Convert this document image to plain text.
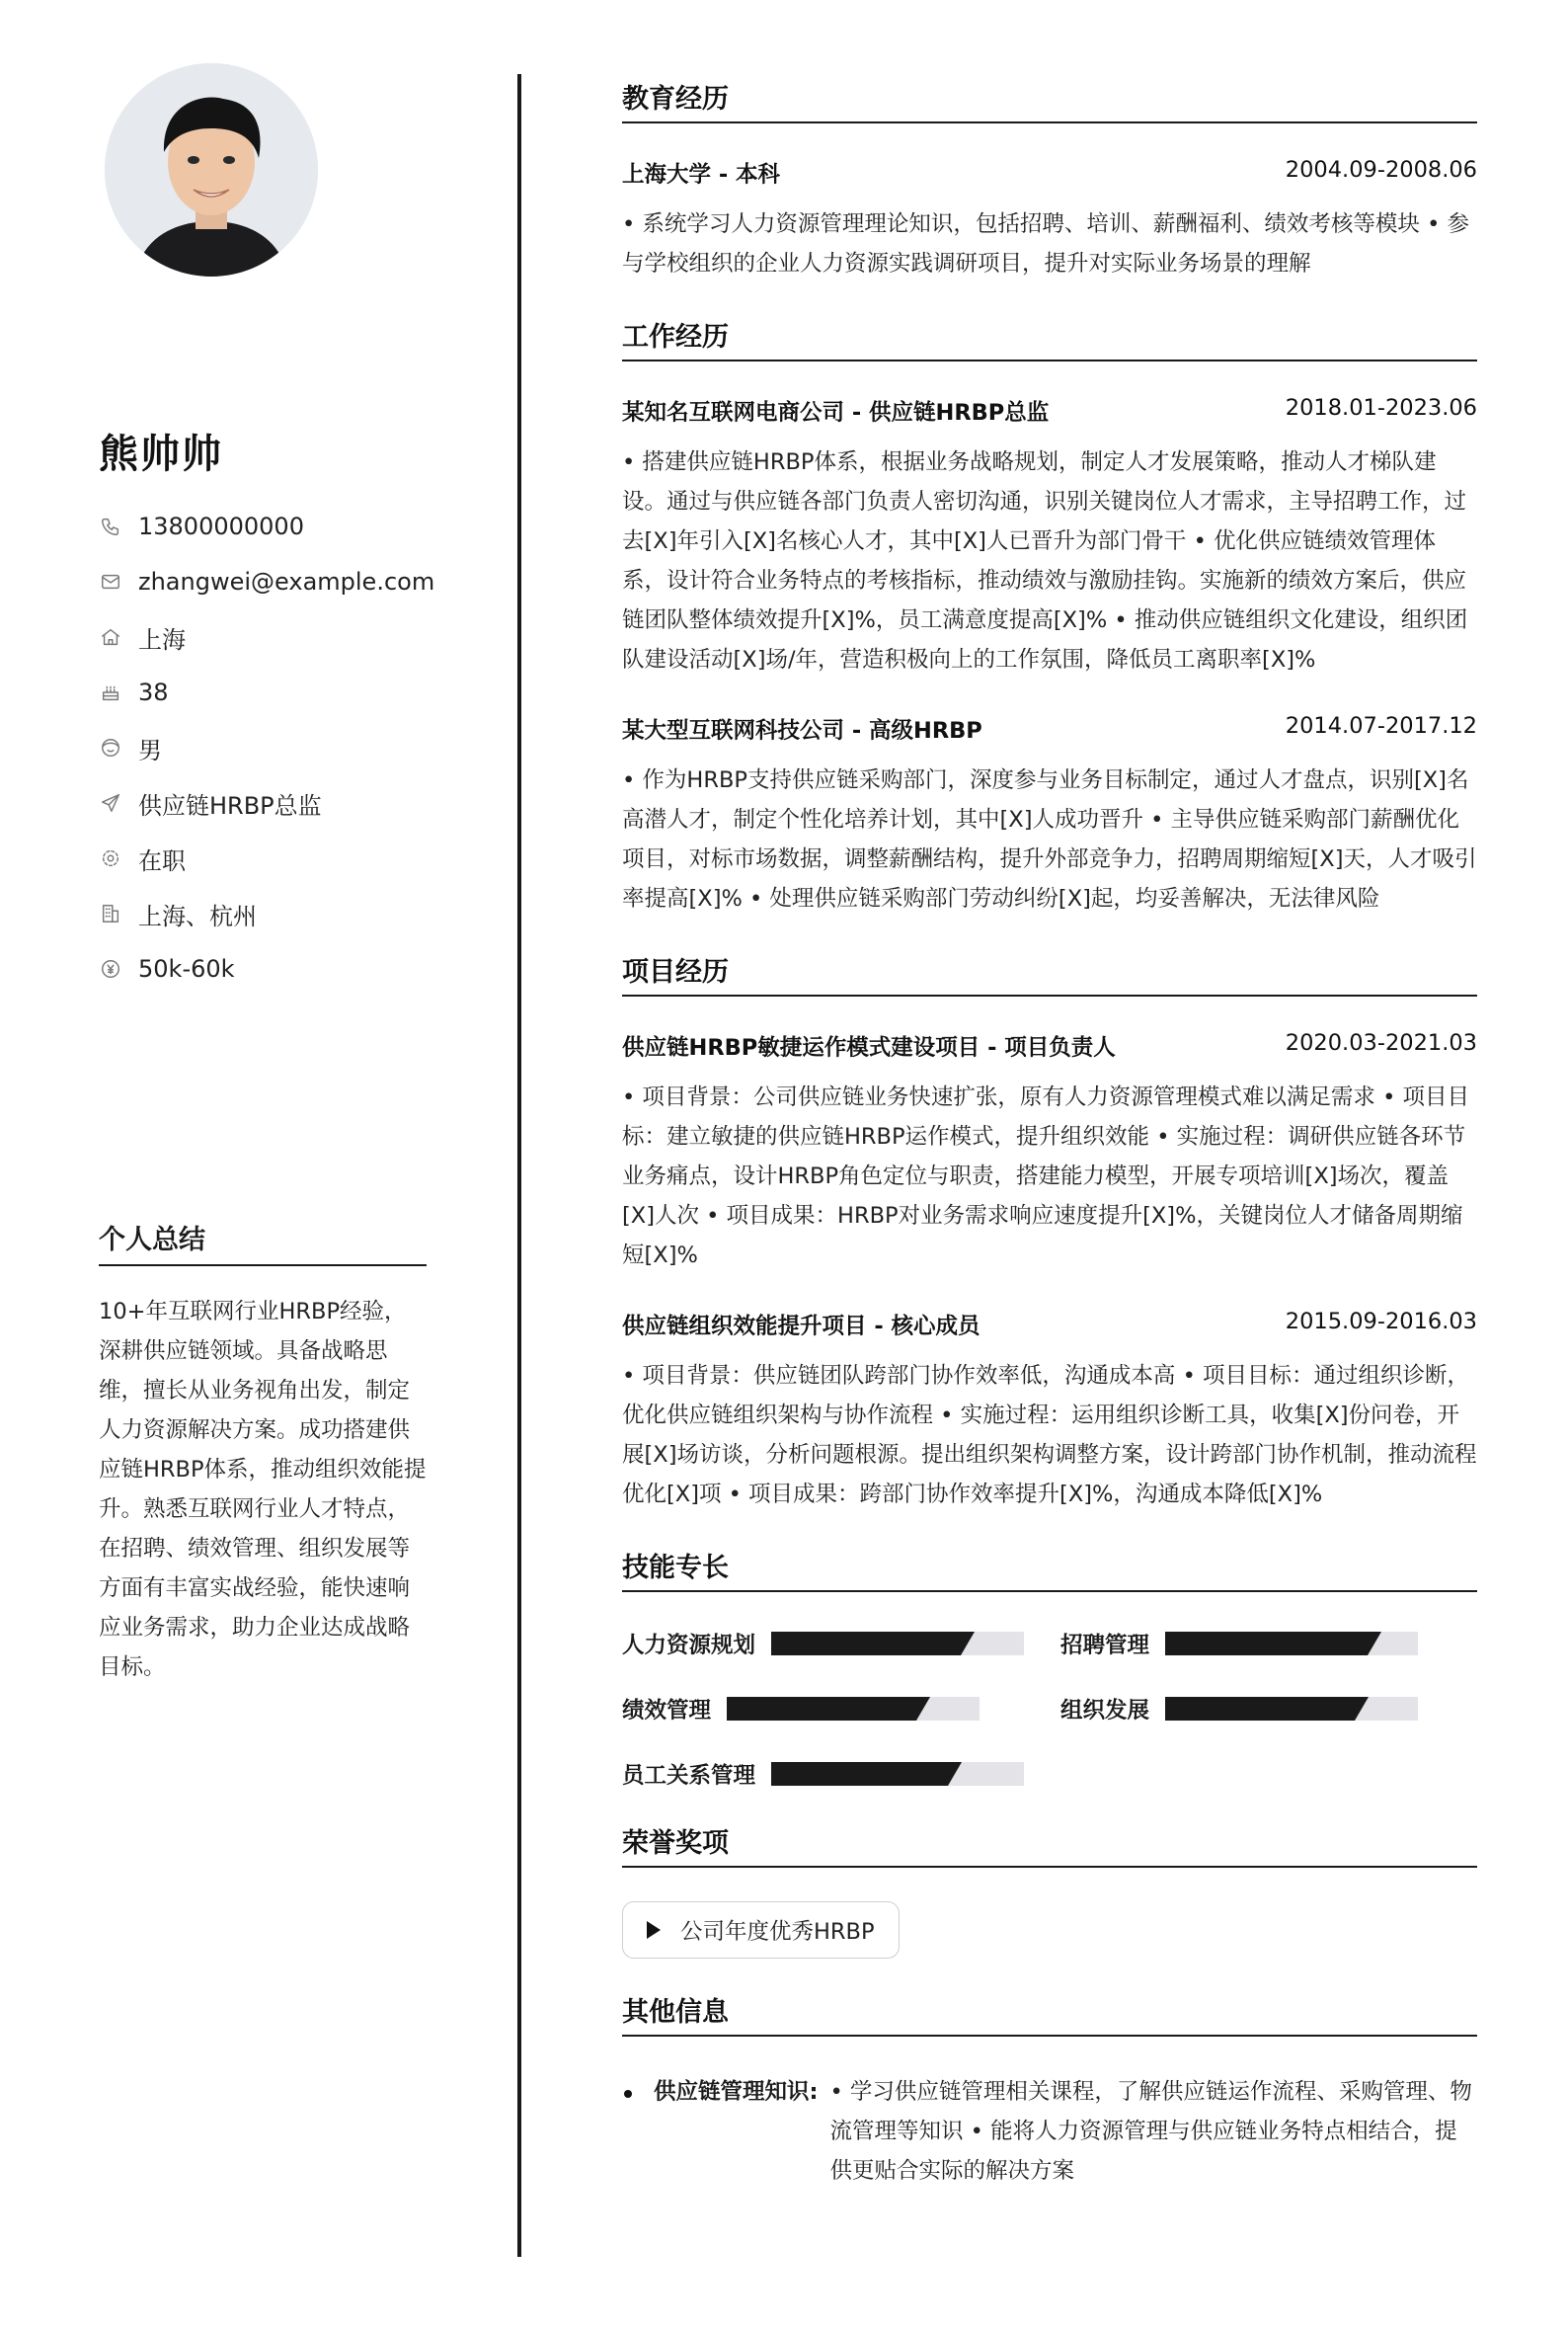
熊帅帅
13800000000
zhangwei@example.com
上海
38
男
供应链HRBP总监
在职
上海、杭州
50k-60k
个人总结
10+年互联网行业HRBP经验，深耕供应链领域。具备战略思维，擅长从业务视角出发，制定人力资源解决方案。成功搭建供应链HRBP体系，推动组织效能提升。熟悉互联网行业人才特点，在招聘、绩效管理、组织发展等方面有丰富实战经验，能快速响应业务需求，助力企业达成战略目标。
教育经历
上海大学 - 本科	2004.09-2008.06
• 系统学习人力资源管理理论知识，包括招聘、培训、薪酬福利、绩效考核等模块 • 参与学校组织的企业人力资源实践调研项目，提升对实际业务场景的理解
工作经历
某知名互联网电商公司 - 供应链HRBP总监	2018.01-2023.06
• 搭建供应链HRBP体系，根据业务战略规划，制定人才发展策略，推动人才梯队建设。通过与供应链各部门负责人密切沟通，识别关键岗位人才需求，主导招聘工作，过去[X]年引入[X]名核心人才，其中[X]人已晋升为部门骨干 • 优化供应链绩效管理体系，设计符合业务特点的考核指标，推动绩效与激励挂钩。实施新的绩效方案后，供应链团队整体绩效提升[X]%，员工满意度提高[X]% • 推动供应链组织文化建设，组织团队建设活动[X]场/年，营造积极向上的工作氛围，降低员工离职率[X]%
某大型互联网科技公司 - 高级HRBP	2014.07-2017.12
• 作为HRBP支持供应链采购部门，深度参与业务目标制定，通过人才盘点，识别[X]名高潜人才，制定个性化培养计划，其中[X]人成功晋升 • 主导供应链采购部门薪酬优化项目，对标市场数据，调整薪酬结构，提升外部竞争力，招聘周期缩短[X]天，人才吸引率提高[X]% • 处理供应链采购部门劳动纠纷[X]起，均妥善解决，无法律风险
项目经历
供应链HRBP敏捷运作模式建设项目 - 项目负责人	2020.03-2021.03
• 项目背景：公司供应链业务快速扩张，原有人力资源管理模式难以满足需求 • 项目目标：建立敏捷的供应链HRBP运作模式，提升组织效能 • 实施过程：调研供应链各环节业务痛点，设计HRBP角色定位与职责，搭建能力模型，开展专项培训[X]场次，覆盖[X]人次 • 项目成果：HRBP对业务需求响应速度提升[X]%，关键岗位人才储备周期缩短[X]%
供应链组织效能提升项目 - 核心成员	2015.09-2016.03
• 项目背景：供应链团队跨部门协作效率低，沟通成本高 • 项目目标：通过组织诊断，优化供应链组织架构与协作流程 • 实施过程：运用组织诊断工具，收集[X]份问卷，开展[X]场访谈，分析问题根源。提出组织架构调整方案，设计跨部门协作机制，推动流程优化[X]项 • 项目成果：跨部门协作效率提升[X]%，沟通成本降低[X]%
技能专长
人力资源规划	招聘管理
绩效管理	组织发展
员工关系管理
荣誉奖项
公司年度优秀HRBP
其他信息
供应链管理知识: • 学习供应链管理相关课程，了解供应链运作流程、采购管理、物流管理等知识 • 能将人力资源管理与供应链业务特点相结合，提供更贴合实际的解决方案
